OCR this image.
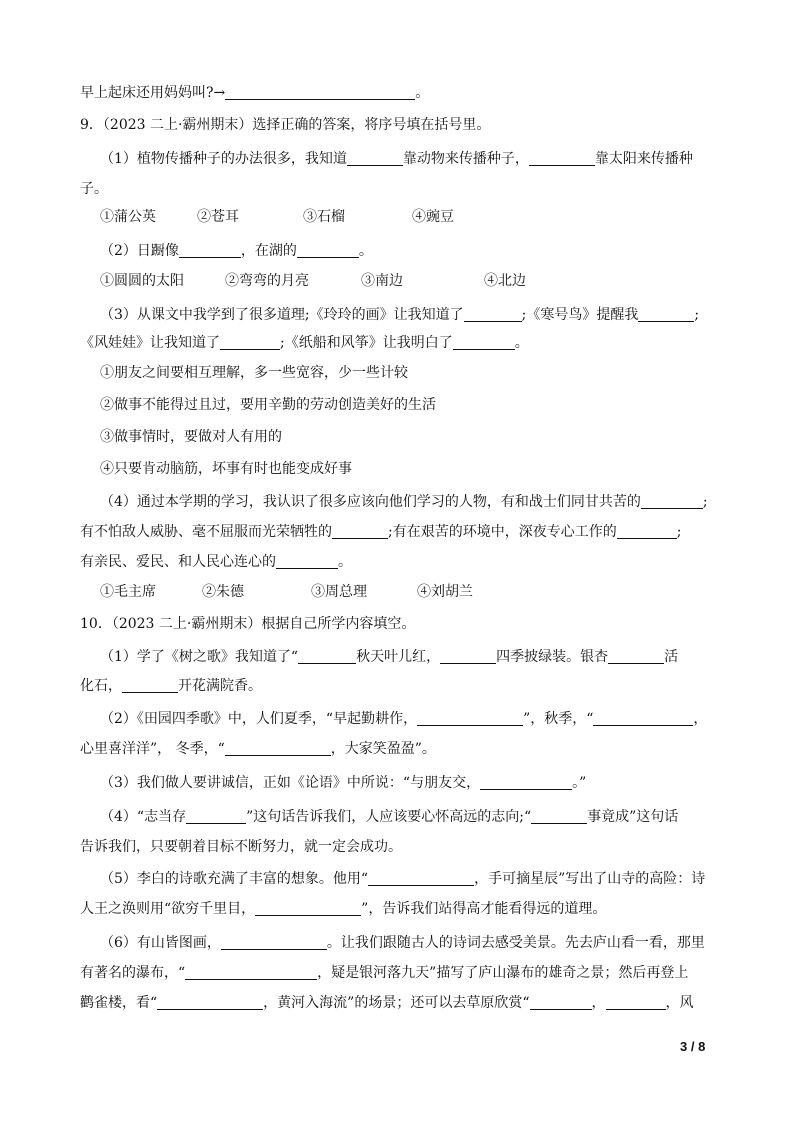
早上起床还用妈妈叫?→	。
9．（2023 二上·霸州期末）选择正确的答案，将序号填在括号里。
（1）植物传播种子的办法很多，我知道	靠动物来传播种子，	靠太阳来传播种
子。
①蒲公英	②苍耳	③石榴	④豌豆
（2）日蹰像	，在湖的	。
①圆圆的太阳	②弯弯的月亮	③南边	④北边
（3）从课文中我学到了很多道理;《玲玲的画》让我知道了	;《寒号鸟》提醒我	;
《风娃娃》让我知道了	;《纸船和风筝》让我明白了	。
①朋友之间要相互理解，多一些宽容，少一些计较
②做事不能得过且过，要用辛勤的劳动创造美好的生活
③做事情时，要做对人有用的
④只要肯动脑筋，坏事有时也能变成好事
（4）通过本学期的学习，我认识了很多应该向他们学习的人物，有和战士们同甘共苦的	;
有不怕敌人威胁、毫不屈服而光荣牺牲的	;有在艰苦的环境中，深夜专心工作的	;
有亲民、爱民、和人民心连心的	。
①毛主席	②朱德	③周总理	④刘胡兰
10．（2023 二上·霸州期末）根据自己所学内容填空。
（1）学了《树之歌》我知道了“	秋天叶儿红，	四季披绿装。银杏	活
化石，	开花满院香。
（2）《田园四季歌》中，人们夏季，“早起勤耕作，	”，秋季，“	，
心里喜洋洋”， 冬季，“	，大家笑盈盈”。
（3）我们做人要讲诚信，正如《论语》中所说：“与朋友交，	。”
（4）“志当存	”这句话告诉我们，人应该要心怀高远的志向;“	事竟成”这句话
告诉我们，只要朝着目标不断努力，就一定会成功。
（5）李白的诗歌充满了丰富的想象。他用“	，手可摘星辰”写出了山寺的高险：诗
人王之涣则用“欲穷千里目，	”，告诉我们站得高才能看得远的道理。
（6）有山皆图画，	。让我们跟随古人的诗词去感受美景。先去庐山看一看，那里
有著名的瀑布，“	，疑是银河落九天”描写了庐山瀑布的雄奇之景；然后再登上
鹳雀楼，看“	，黄河入海流”的场景；还可以去草原欣赏“	，	，风
3 / 8
